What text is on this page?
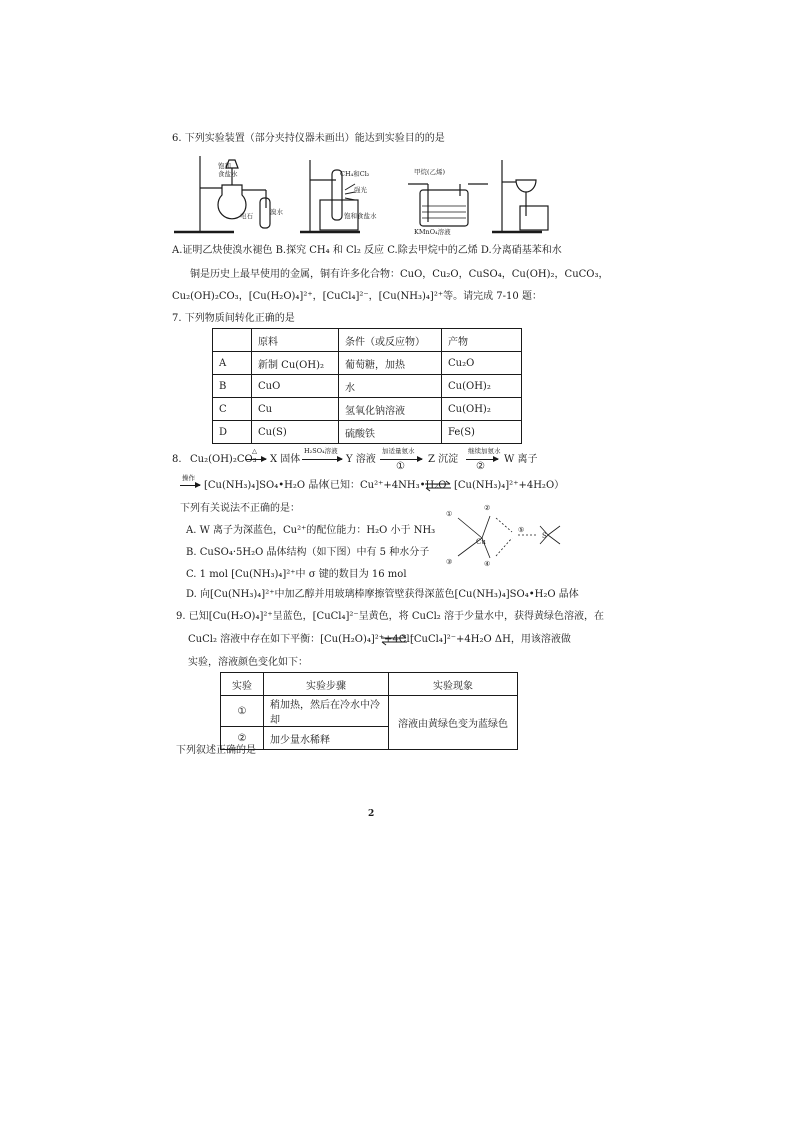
6. 下列实验装置（部分夹持仪器未画出）能达到实验目的的是
饱和
食盐水
电石	溴水
CH₄和Cl₂
强光
饱和食盐水
甲烷(乙烯)
KMnO₄溶液
A.证明乙炔使溴水褪色 B.探究 CH₄ 和 Cl₂ 反应 C.除去甲烷中的乙烯 D.分离硝基苯和水
铜是历史上最早使用的金属，铜有许多化合物：CuO，Cu₂O，CuSO₄，Cu(OH)₂，CuCO₃，
Cu₂(OH)₂CO₃，[Cu(H₂O)₄]²⁺，[CuCl₄]²⁻，[Cu(NH₃)₄]²⁺等。请完成 7-10 题：
7. 下列物质间转化正确的是
	原料	条件（或反应物）	产物
A	新制 Cu(OH)₂	葡萄糖，加热	Cu₂O
B	CuO	水	Cu(OH)₂
C	Cu	氢氧化钠溶液	Cu(OH)₂
D	Cu(S)	硫酸铁	Fe(S)
8. Cu₂(OH)₂CO₃
△
X 固体
H₂SO₄溶液
Y 溶液
加适量氨水
①
Z 沉淀
继续加氨水
②
W 离子
操作
[Cu(NH₃)₄]SO₄•H₂O 晶体
（已知：Cu²⁺+4NH₃•H₂O ⇌ [Cu(NH₃)₄]²⁺+4H₂O）
下列有关说法不正确的是：
A. W 离子为深蓝色，Cu²⁺的配位能力：H₂O 小于 NH₃
B. CuSO₄·5H₂O 晶体结构（如下图）中有 5 种水分子
C. 1 mol [Cu(NH₃)₄]²⁺中 σ 键的数目为 16 mol
D. 向[Cu(NH₃)₄]²⁺中加乙醇并用玻璃棒摩擦管壁获得深蓝色[Cu(NH₃)₄]SO₄•H₂O 晶体
①
②
③	④
⑤
Cu
S
9. 已知[Cu(H₂O)₄]²⁺呈蓝色，[CuCl₄]²⁻呈黄色，将 CuCl₂ 溶于少量水中，获得黄绿色溶液，在
CuCl₂ 溶液中存在如下平衡：[Cu(H₂O)₄]²⁺+4Cl⁻ ⇌ [CuCl₄]²⁻+4H₂O ΔH，用该溶液做
实验，溶液颜色变化如下：
实验	实验步骤	实验现象
①	稍加热，然后在冷水中冷却	溶液由黄绿色变为蓝绿色
②	加少量水稀释	
下列叙述正确的是
2
